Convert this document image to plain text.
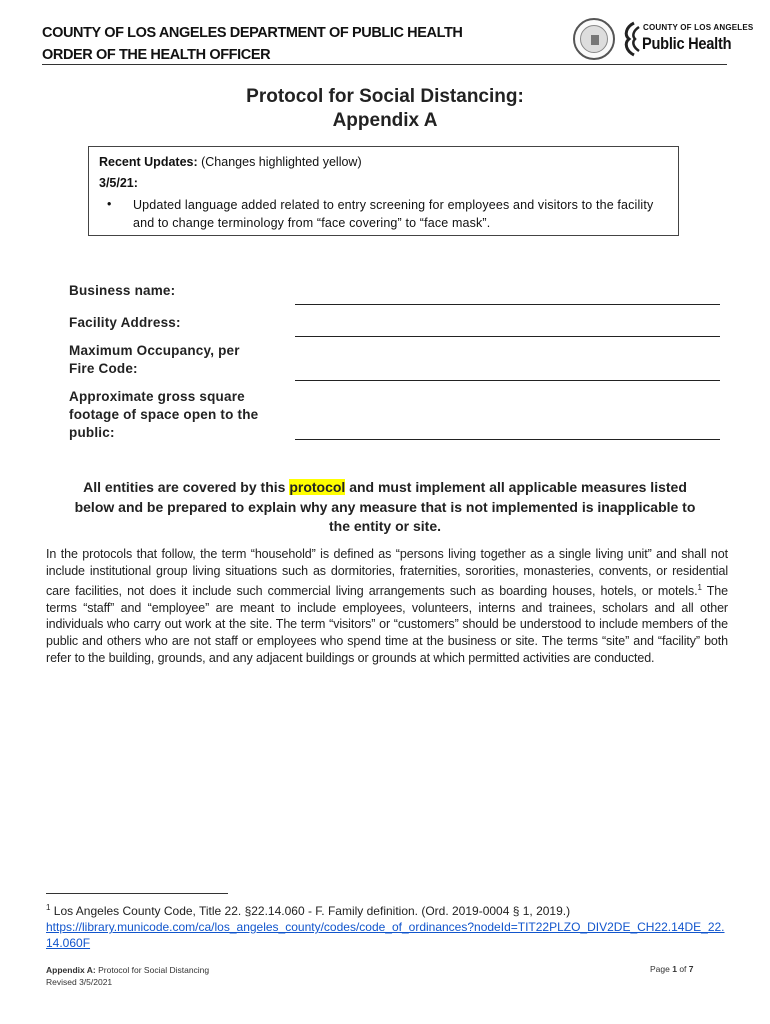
COUNTY OF LOS ANGELES DEPARTMENT OF PUBLIC HEALTH
ORDER OF THE HEALTH OFFICER
COUNTY OF LOS ANGELES
Public Health
Protocol for Social Distancing:
Appendix A
Recent Updates: (Changes highlighted yellow)
3/5/21:
• Updated language added related to entry screening for employees and visitors to the facility and to change terminology from “face covering” to “face mask”.
Business name:
Facility Address:
Maximum Occupancy, per
Fire Code:
Approximate gross square
footage of space open to the
public:
All entities are covered by this protocol and must implement all applicable measures listed below and be prepared to explain why any measure that is not implemented is inapplicable to the entity or site.
In the protocols that follow, the term “household” is defined as “persons living together as a single living unit” and shall not include institutional group living situations such as dormitories, fraternities, sororities, monasteries, convents, or residential care facilities, not does it include such commercial living arrangements such as boarding houses, hotels, or motels.$^1$ The terms “staff” and “employee” are meant to include employees, volunteers, interns and trainees, scholars and all other individuals who carry out work at the site. The term “visitors” or “customers” should be understood to include members of the public and others who are not staff or employees who spend time at the business or site. The terms “site” and “facility” both refer to the building, grounds, and any adjacent buildings or grounds at which permitted activities are conducted.
$^1$ Los Angeles County Code, Title 22. §22.14.060 - F. Family definition. (Ord. 2019-0004 § 1, 2019.)
https://library.municode.com/ca/los_angeles_county/codes/code_of_ordinances?nodeId=TIT22PLZO_DIV2DE_CH22.14DE_22.14.060F
Appendix A: Protocol for Social Distancing
Revised 3/5/2021
Page 1 of 7
